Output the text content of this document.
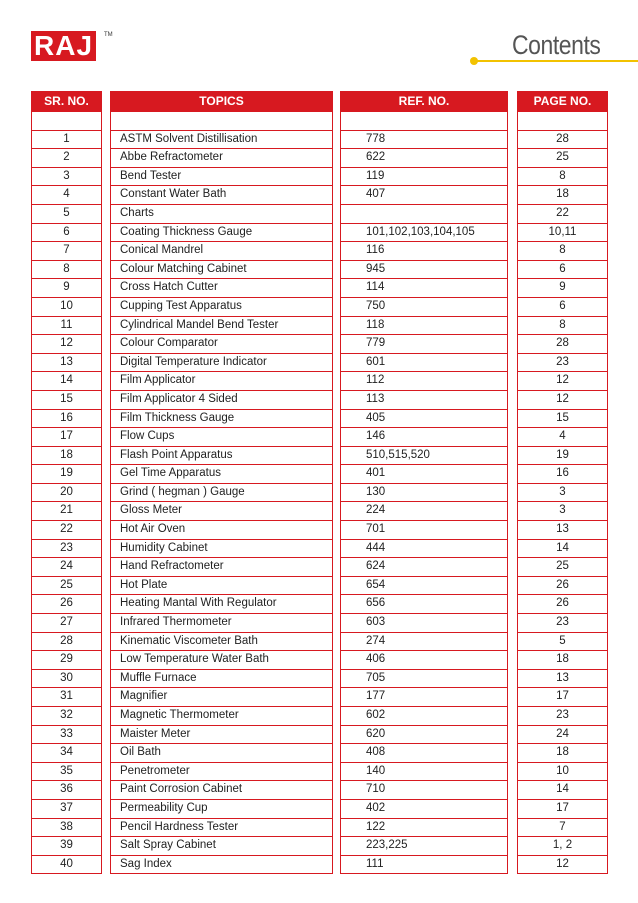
RAJ	TM	Contents
SR. NO.
1
2
3
4
5
6
7
8
9
10
11
12
13
14
15
16
17
18
19
20
21
22
23
24
25
26
27
28
29
30
31
32
33
34
35
36
37
38
39
40
TOPICS
ASTM Solvent Distillisation
Abbe Refractometer
Bend Tester
Constant Water Bath
Charts
Coating Thickness Gauge
Conical Mandrel
Colour Matching Cabinet
Cross Hatch Cutter
Cupping Test Apparatus
Cylindrical Mandel Bend Tester
Colour Comparator
Digital Temperature Indicator
Film Applicator
Film Applicator 4 Sided
Film Thickness Gauge
Flow Cups
Flash Point Apparatus
Gel Time Apparatus
Grind ( hegman ) Gauge
Gloss Meter
Hot Air Oven
Humidity Cabinet
Hand Refractometer
Hot Plate
Heating Mantal With Regulator
Infrared Thermometer
Kinematic Viscometer Bath
Low Temperature Water Bath
Muffle Furnace
Magnifier
Magnetic Thermometer
Maister Meter
Oil Bath
Penetrometer
Paint Corrosion Cabinet
Permeability Cup
Pencil Hardness Tester
Salt Spray Cabinet
Sag Index
REF. NO.
778
622
119
407
101,102,103,104,105
116
945
114
750
118
779
601
112
113
405
146
510,515,520
401
130
224
701
444
624
654
656
603
274
406
705
177
602
620
408
140
710
402
122
223,225
111
PAGE NO.
28
25
8
18
22
10,11
8
6
9
6
8
28
23
12
12
15
4
19
16
3
3
13
14
25
26
26
23
5
18
13
17
23
24
18
10
14
17
7
1, 2
12
